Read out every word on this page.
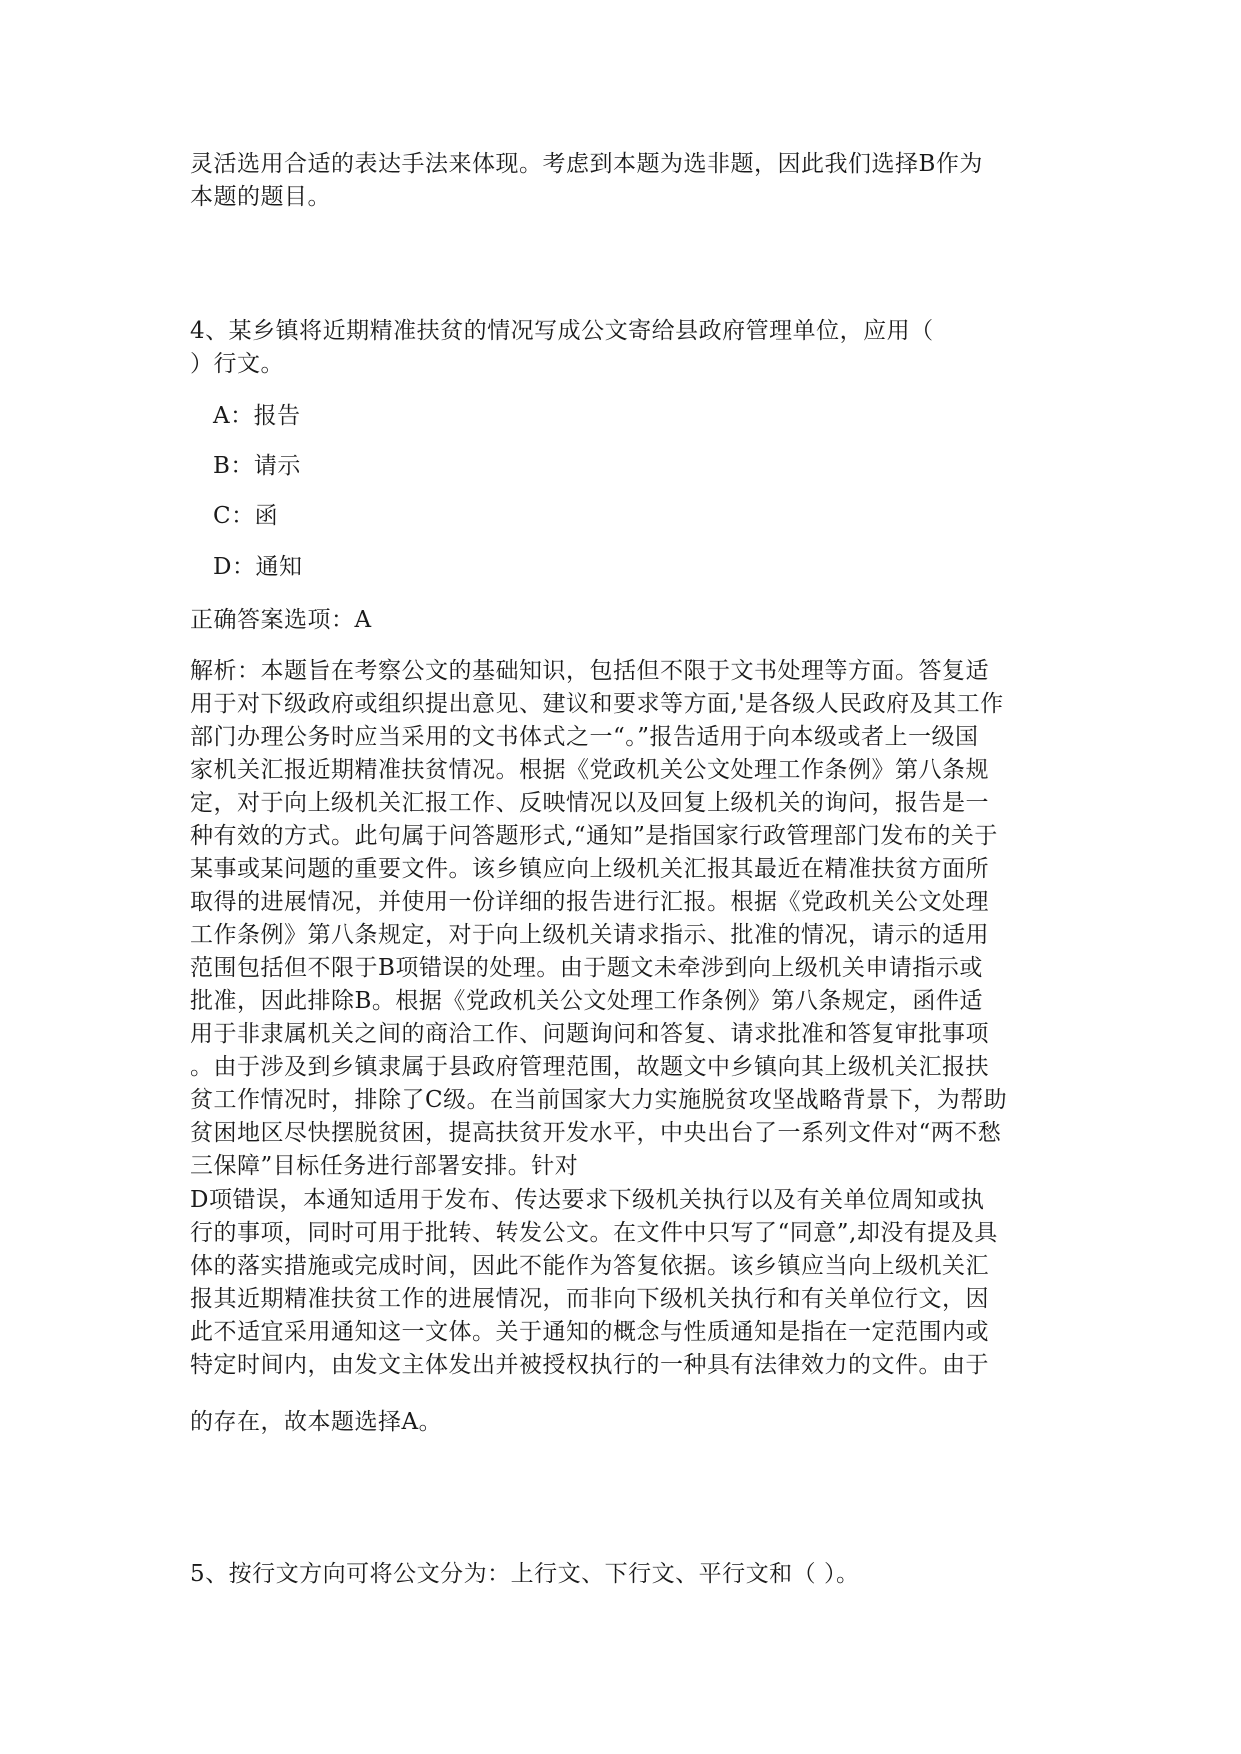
灵活选用合适的表达手法来体现。考虑到本题为选非题，因此我们选择B作为
本题的题目。
4、某乡镇将近期精准扶贫的情况写成公文寄给县政府管理单位，应用（
）行文。
A：报告
B：请示
C：函
D：通知
正确答案选项：A
解析：本题旨在考察公文的基础知识，包括但不限于文书处理等方面。答复适
用于对下级政府或组织提出意见、建议和要求等方面,'是各级人民政府及其工作
部门办理公务时应当采用的文书体式之一“。”报告适用于向本级或者上一级国
家机关汇报近期精准扶贫情况。根据《党政机关公文处理工作条例》第八条规
定，对于向上级机关汇报工作、反映情况以及回复上级机关的询问，报告是一
种有效的方式。此句属于问答题形式,“通知”是指国家行政管理部门发布的关于
某事或某问题的重要文件。该乡镇应向上级机关汇报其最近在精准扶贫方面所
取得的进展情况，并使用一份详细的报告进行汇报。根据《党政机关公文处理
工作条例》第八条规定，对于向上级机关请求指示、批准的情况，请示的适用
范围包括但不限于B项错误的处理。由于题文未牵涉到向上级机关申请指示或
批准，因此排除B。根据《党政机关公文处理工作条例》第八条规定，函件适
用于非隶属机关之间的商洽工作、问题询问和答复、请求批准和答复审批事项
。由于涉及到乡镇隶属于县政府管理范围，故题文中乡镇向其上级机关汇报扶
贫工作情况时，排除了C级。在当前国家大力实施脱贫攻坚战略背景下，为帮助
贫困地区尽快摆脱贫困，提高扶贫开发水平，中央出台了一系列文件对“两不愁
三保障”目标任务进行部署安排。针对
D项错误，本通知适用于发布、传达要求下级机关执行以及有关单位周知或执
行的事项，同时可用于批转、转发公文。在文件中只写了“同意”,却没有提及具
体的落实措施或完成时间，因此不能作为答复依据。该乡镇应当向上级机关汇
报其近期精准扶贫工作的进展情况，而非向下级机关执行和有关单位行文，因
此不适宜采用通知这一文体。关于通知的概念与性质通知是指在一定范围内或
特定时间内，由发文主体发出并被授权执行的一种具有法律效力的文件。由于
的存在，故本题选择A。
5、按行文方向可将公文分为：上行文、下行文、平行文和（ ）。
